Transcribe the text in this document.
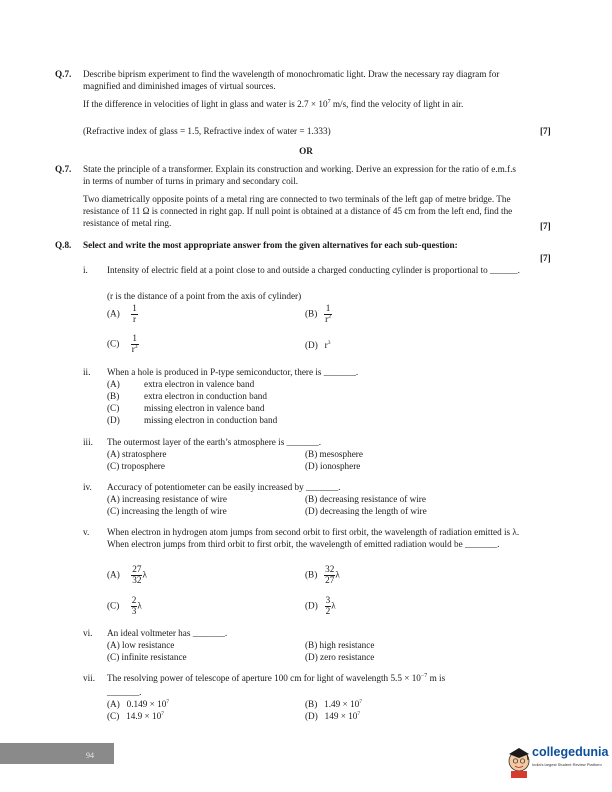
Q.7. Describe biprism experiment to find the wavelength of monochromatic light. Draw the necessary ray diagram for magnified and diminished images of virtual sources.
If the difference in velocities of light in glass and water is $2.7 \times 10^7$ m/s, find the velocity of light in air.
(Refractive index of glass = 1.5, Refractive index of water = 1.333)	[7]
OR
Q.7. State the principle of a transformer. Explain its construction and working. Derive an expression for the ratio of e.m.f.s in terms of number of turns in primary and secondary coil.
Two diametrically opposite points of a metal ring are connected to two terminals of the left gap of metre bridge. The resistance of 11 Ω is connected in right gap. If null point is obtained at a distance of 45 cm from the left end, find the resistance of metal ring.	[7]
Q.8. Select and write the most appropriate answer from the given alternatives for each sub-question:
[7]
i. Intensity of electric field at a point close to and outside a charged conducting cylinder is proportional to ______.
(r is the distance of a point from the axis of cylinder)
$(A) \frac{1}{r}$	$(B) \frac{1}{r^2}$
$(C) \frac{1}{r^3}$	(D) $r^3$
ii. When a hole is produced in P-type semiconductor, there is _______.
(A)	extra electron in valence band
(B)	extra electron in conduction band
(C)	missing electron in valence band
(D)	missing electron in conduction band
iii. The outermost layer of the earth’s atmosphere is _______.
(A) stratosphere	(B) mesosphere
(C) troposphere	(D) ionosphere
iv. Accuracy of potentiometer can be easily increased by _______.
(A) increasing resistance of wire	(B) decreasing resistance of wire
(C) increasing the length of wire	(D) decreasing the length of wire
v. When electron in hydrogen atom jumps from second orbit to first orbit, the wavelength of radiation emitted is λ. When electron jumps from third orbit to first orbit, the wavelength of emitted radiation would be _______.
$(A) \frac{27}{32}$ λ	$(B) \frac{32}{27}$ λ
$(C) \frac{2}{3}$ λ	$(D) \frac{3}{2}$ λ
vi. An ideal voltmeter has _______.
(A) low resistance	(B) high resistance
(C) infinite resistance	(D) zero resistance
vii. The resolving power of telescope of aperture 100 cm for light of wavelength $5.5 \times 10^{-7}$ m is
_______.
(A) $0.149 \times 10^7$	(B) $1.49 \times 10^7$
(C) $14.9 \times 10^7$	(D) $149 \times 10^7$
94	collegedunia
India's largest Student Review Platform
